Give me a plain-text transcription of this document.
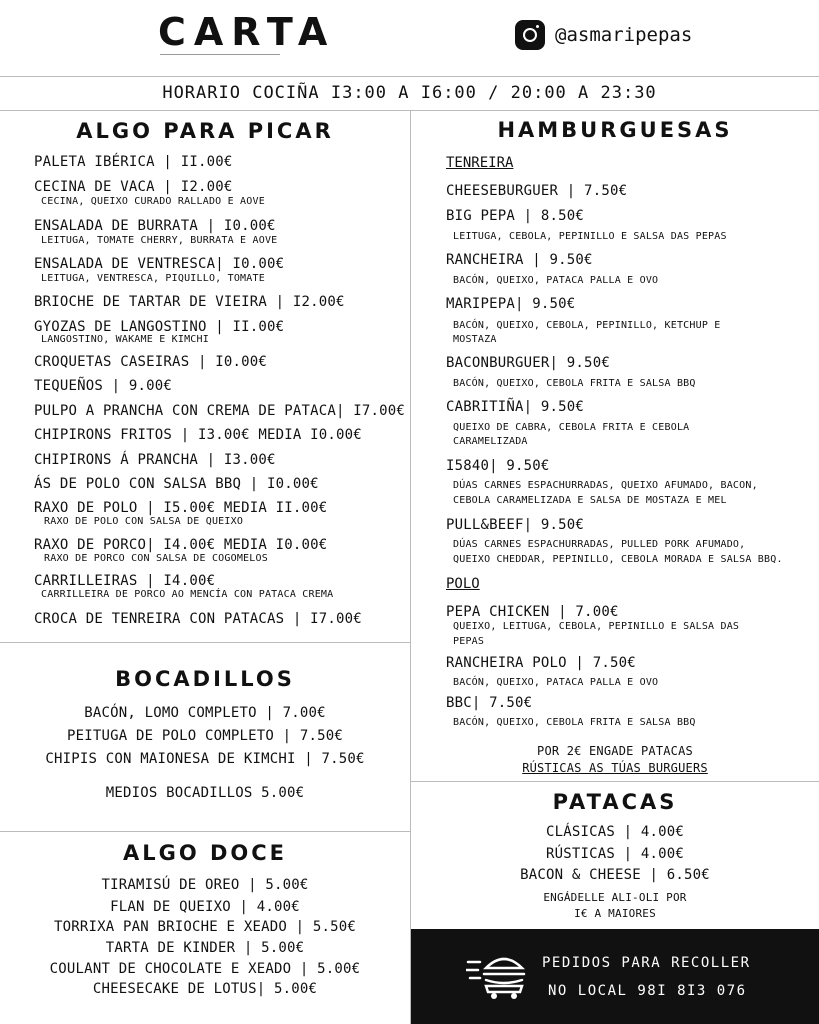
CARTA	@asmaripepas
HORARIO COCIÑA I3:00 A I6:00 / 20:00 A 23:30
ALGO PARA PICAR
PALETA IBÉRICA | II.00€
CECINA DE VACA | I2.00€
CECINA, QUEIXO CURADO RALLADO E AOVE
ENSALADA DE BURRATA | I0.00€
LEITUGA, TOMATE CHERRY, BURRATA E AOVE
ENSALADA DE VENTRESCA| I0.00€
LEITUGA, VENTRESCA, PIQUILLO, TOMATE
BRIOCHE DE TARTAR DE VIEIRA | I2.00€
GYOZAS DE LANGOSTINO | II.00€
LANGOSTINO, WAKAME E KIMCHI
CROQUETAS CASEIRAS | I0.00€
TEQUEÑOS | 9.00€
PULPO A PRANCHA CON CREMA DE PATACA| I7.00€
CHIPIRONS FRITOS | I3.00€ MEDIA I0.00€
CHIPIRONS Á PRANCHA | I3.00€
ÁS DE POLO CON SALSA BBQ | I0.00€
RAXO DE POLO | I5.00€ MEDIA II.00€
RAXO DE POLO CON SALSA DE QUEIXO
RAXO DE PORCO| I4.00€ MEDIA I0.00€
RAXO DE PORCO CON SALSA DE COGOMELOS
CARRILLEIRAS | I4.00€
CARRILLEIRA DE PORCO AO MENCÍA CON PATACA CREMA
CROCA DE TENREIRA CON PATACAS | I7.00€
BOCADILLOS
BACÓN, LOMO COMPLETO | 7.00€
PEITUGA DE POLO COMPLETO | 7.50€
CHIPIS CON MAIONESA DE KIMCHI | 7.50€
MEDIOS BOCADILLOS 5.00€
ALGO DOCE
TIRAMISÚ DE OREO | 5.00€
FLAN DE QUEIXO | 4.00€
TORRIXA PAN BRIOCHE E XEADO | 5.50€
TARTA DE KINDER | 5.00€
COULANT DE CHOCOLATE E XEADO | 5.00€
CHEESECAKE DE LOTUS| 5.00€
HAMBURGUESAS
TENREIRA
CHEESEBURGUER | 7.50€
BIG PEPA | 8.50€
LEITUGA, CEBOLA, PEPINILLO E SALSA DAS PEPAS
RANCHEIRA | 9.50€
BACÓN, QUEIXO, PATACA PALLA E OVO
MARIPEPA| 9.50€
BACÓN, QUEIXO, CEBOLA, PEPINILLO, KETCHUP E
MOSTAZA
BACONBURGUER| 9.50€
BACÓN, QUEIXO, CEBOLA FRITA E SALSA BBQ
CABRITIÑA| 9.50€
QUEIXO DE CABRA, CEBOLA FRITA E CEBOLA
CARAMELIZADA
I5840| 9.50€
DÚAS CARNES ESPACHURRADAS, QUEIXO AFUMADO, BACON,
CEBOLA CARAMELIZADA E SALSA DE MOSTAZA E MEL
PULL&BEEF| 9.50€
DÚAS CARNES ESPACHURRADAS, PULLED PORK AFUMADO,
QUEIXO CHEDDAR, PEPINILLO, CEBOLA MORADA E SALSA BBQ.
POLO
PEPA CHICKEN | 7.00€
QUEIXO, LEITUGA, CEBOLA, PEPINILLO E SALSA DAS
PEPAS
RANCHEIRA POLO | 7.50€
BACÓN, QUEIXO, PATACA PALLA E OVO
BBC| 7.50€
BACÓN, QUEIXO, CEBOLA FRITA E SALSA BBQ
POR 2€ ENGADE PATACAS
RÚSTICAS AS TÚAS BURGUERS
PATACAS
CLÁSICAS | 4.00€
RÚSTICAS | 4.00€
BACON & CHEESE | 6.50€
ENGÁDELLE ALI-OLI POR
I€ A MAIORES
PEDIDOS PARA RECOLLER
NO LOCAL 98I 8I3 076
